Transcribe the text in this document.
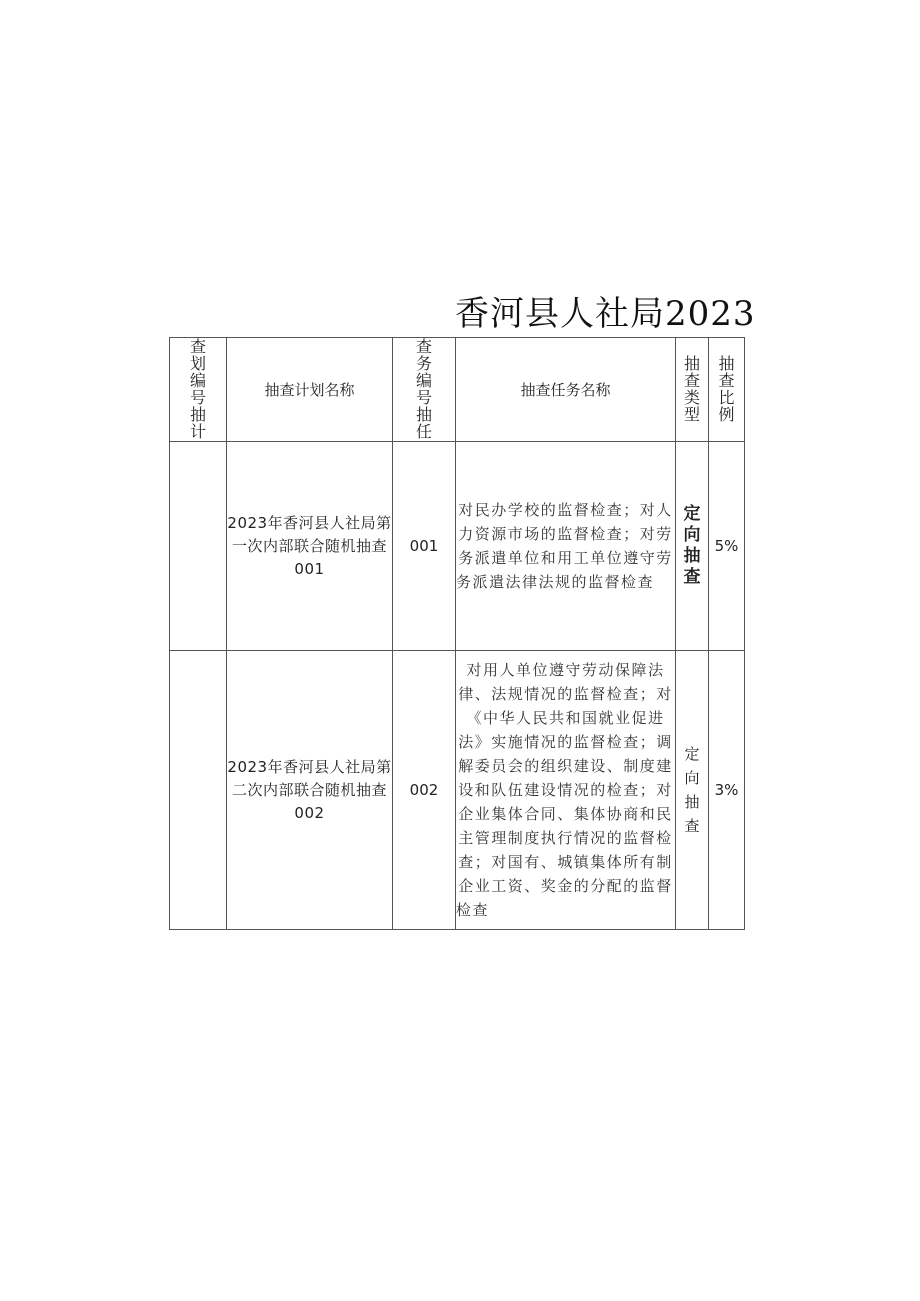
香河县人社局2023
查划编号抽计	抽查计划名称	查务编号抽任	抽查任务名称	抽查类型	抽查比例
	2023年香河县人社局第一次内部联合随机抽查001	001	对民办学校的监督检查；对人力资源市场的监督检查；对劳务派遣单位和用工单位遵守劳务派遣法律法规的监督检查	定向抽查	5%
	2023年香河县人社局第二次内部联合随机抽查002	002	对用人单位遵守劳动保障法律、法规情况的监督检查；对《中华人民共和国就业促进法》实施情况的监督检查；调解委员会的组织建设、制度建设和队伍建设情况的检查；对企业集体合同、集体协商和民主管理制度执行情况的监督检查；对国有、城镇集体所有制企业工资、奖金的分配的监督检查	定向抽查	3%
